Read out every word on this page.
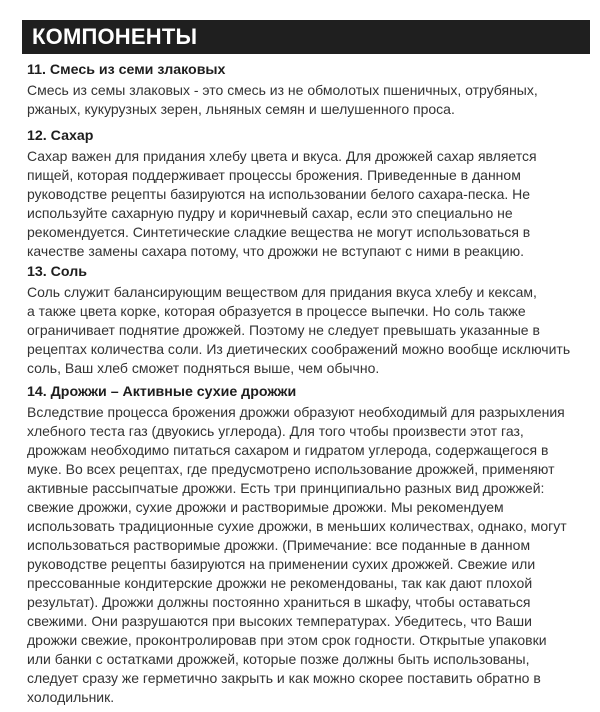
КОМПОНЕНТЫ
11. Смесь из семи злаковых
Смесь из семы злаковых - это смесь из не обмолотых пшеничных, отрубяных,
ржаных, кукурузных зерен, льняных семян и шелушенного проса.
12. Сахар
Сахар важен для придания хлебу цвета и вкуса. Для дрожжей сахар является
пищей, которая поддерживает процессы брожения. Приведенные в данном
руководстве рецепты базируются на использовании белого сахара-песка. Не
используйте сахарную пудру и коричневый сахар, если это специально не
рекомендуется. Синтетические сладкие вещества не могут использоваться в
качестве замены сахара потому, что дрожжи не вступают с ними в реакцию.
13. Соль
Соль служит балансирующим веществом для придания вкуса хлебу и кексам,
а также цвета корке, которая образуется в процессе выпечки. Но соль также
ограничивает поднятие дрожжей. Поэтому не следует превышать указанные в
рецептах количества соли. Из диетических соображений можно вообще исключить
соль, Ваш хлеб сможет подняться выше, чем обычно.
14. Дрожжи – Активные сухие дрожжи
Вследствие процесса брожения дрожжи образуют необходимый для разрыхления
хлебного теста газ (двуокись углерода). Для того чтобы произвести этот газ,
дрожжам необходимо питаться сахаром и гидратом углерода, содержащегося в
муке. Во всех рецептах, где предусмотрено использование дрожжей, применяют
активные рассыпчатые дрожжи. Есть три принципиально разных вид дрожжей:
свежие дрожжи, сухие дрожжи и растворимые дрожжи. Мы рекомендуем
использовать традиционные сухие дрожжи, в меньших количествах, однако, могут
использоваться растворимые дрожжи. (Примечание: все поданные в данном
руководстве рецепты базируются на применении сухих дрожжей. Свежие или
прессованные кондитерские дрожжи не рекомендованы, так как дают плохой
результат). Дрожжи должны постоянно храниться в шкафу, чтобы оставаться
свежими. Они разрушаются при высоких температурах. Убедитесь, что Ваши
дрожжи свежие, проконтролировав при этом срок годности. Открытые упаковки
или банки с остатками дрожжей, которые позже должны быть использованы,
следует сразу же герметично закрыть и как можно скорее поставить обратно в
холодильник.
